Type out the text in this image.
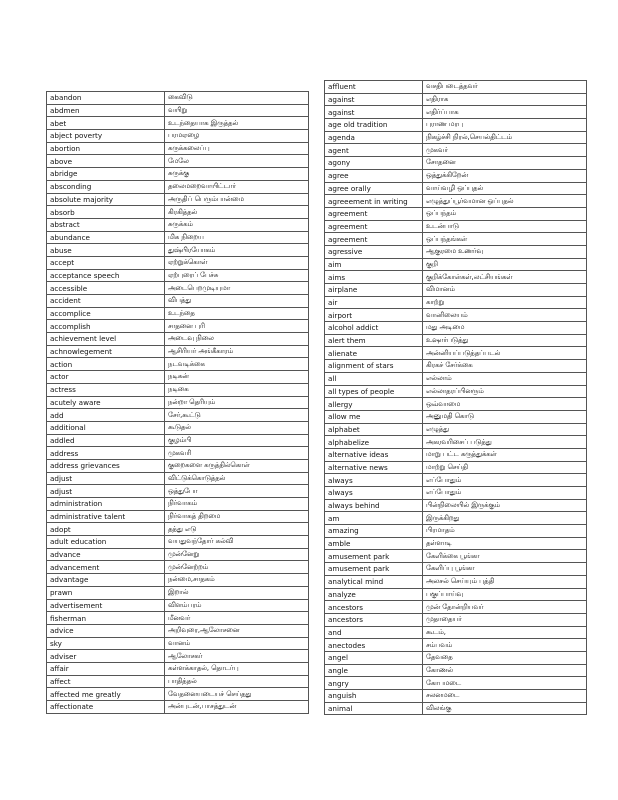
abandon	கைவிடு
abdmen	வயிறு
abet	உடந்தையாக இருத்தல்
abject poverty	பரமஏழை
abortion	கருக்கலைப்பு
above	மேலே
abridge	சுருக்கு
absconding	தலைமறைவாயிட்டார்
absolute majority	அருதிப் பெரும்பான்மை
absorb	கிரகித்தல்
abstract	சுருக்கம்
abundance	மிக நிறைய
abuse	துஷ்பிரயோகம்
accept	ஏற்றுக்கொள்
acceptance speech	ஏற்புரைப் பேச்சு
accessible	அடைபெறமுடியுமா
accident	விபத்து
accomplice	உடந்தை
accomplish	சாதனை புரி
achievement level	அடைவு நிலை
achnowlegement	ஆசிரியர் அங்கீகாரம்
action	நடவடிக்கை
actor	நடிகன்
actress	நடிகை
acutely aware	நன்றா தெரியும்
add	சேர்,கூட்டு
additional	கூடுதல்
addled	குழம்பி
address	முகவரி
address grievances	குறைகளை கருத்தில்கொள்
adjust	விட்டுக்கொடுத்தல்
adjust	ஒத்துபோ
administration	நிர்வாகம்
administrative talent	நிர்வாகத் திறமை
adopt	தத்து எடு
adult education	வயதுவந்தோர் கல்வி
advance	முன்னேறு
advancement	முன்னேற்றம்
advantage	நன்மை,சாதகம்
prawn	இறால்
advertisement	விளம்பரம்
fisherman	மீனவர்
advice	அறிவுரை,ஆலோசனை
sky	வானம்
adviser	ஆலோசகர்
affair	கள்ளக்காதல், தொடர்பு
affect	பாதித்தல்
affected me greatly	வேதனையடையச் செய்தது
affectionate	அன்புடன்,பாசத்துடன்
affluent	வசதிபடைத்தவர்
against	எதிராக
against	எதிர்ப்பாக
age old tradition	புராண மரபு
agenda	நிகழ்ச்சி நிரல்,செயல்திட்டம்
agent	முகவர்
agony	சோதனை
agree	ஒத்துக்கிறேன்
agree orally	வாய்வழி ஒப்புதல்
agreeement in writing	எழுத்துப்பூர்வமான ஒப்புதல்
agreement	ஒப்பந்தம்
agreement	உடன்பாடு
agreement	ஒப்பந்தங்கள்
agressive	ஆகுரமை உணர்வு
aim	குறி
aims	குறிக்கோள்கள்,லட்சியங்கள்
airplane	விமானம்
air	காற்று
airport	வானிலையம்
alcohol addict	மது அடிமை
alert them	உஷார்படுத்து
alienate	அன்னியப்படுத்தப்படல்
alignment of stars	கிரகச் சேர்க்கை
all	எல்லாம்
all types of people	எல்லாதரப்பினரும்
allergy	ஒவ்வாமை
allow me	அனுமதி கொடு
alphabet	எழுத்து
alphabelize	அகரவரிசைப் படுத்து
alternative ideas	மாறு பட்ட கருத்துக்கள்
alternative news	மாற்று செய்தி
always	எப்போதும்
always	எப்போதும்
always behind	பின்நிலையில் இருக்கும்
am	இருக்கிறது
amazing	பிரமாதம்
amble	தள்ளாடி
amusement park	கேளிக்கை பூங்கா
amusement park	கேளிப்பு பூங்கா
analytical mind	அலசல் செய்யும் புத்தி
analyze	பகுப்பாய்வு
ancestors	முன் தோன்றியவர்
ancestors	முதாதையர்
and	கூடம்,
anectodes	சம்பவம்
angel	தேவதை
angle	கோணல்
angry	கோபமடை
anguish	சலனமடை
animal	விலங்கு
